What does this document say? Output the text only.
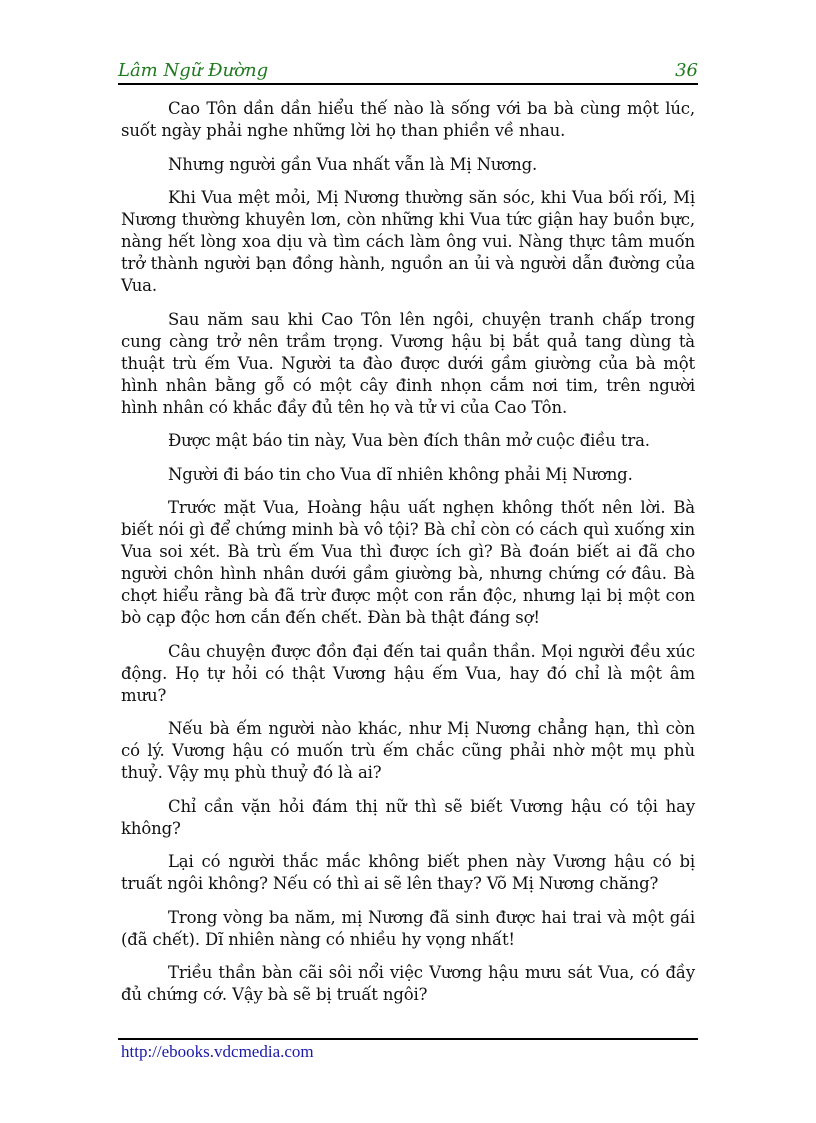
Lâm Ngữ Đường	36

Cao Tôn dần dần hiểu thế nào là sống với ba bà cùng một lúc, suốt ngày phải nghe những lời họ than phiền về nhau.

Nhưng người gần Vua nhất vẫn là Mị Nương.

Khi Vua mệt mỏi, Mị Nương thường săn sóc, khi Vua bối rối, Mị Nương thường khuyên lơn, còn những khi Vua tức giận hay buồn bực, nàng hết lòng xoa dịu và tìm cách làm ông vui. Nàng thực tâm muốn trở thành người bạn đồng hành, nguồn an ủi và người dẫn đường của Vua.

Sau năm sau khi Cao Tôn lên ngôi, chuyện tranh chấp trong cung càng trở nên trầm trọng. Vương hậu bị bắt quả tang dùng tà thuật trù ếm Vua. Người ta đào được dưới gầm giường của bà một hình nhân bằng gỗ có một cây đinh nhọn cắm nơi tim, trên người hình nhân có khắc đầy đủ tên họ và tử vi của Cao Tôn.

Được mật báo tin này, Vua bèn đích thân mở cuộc điều tra.

Người đi báo tin cho Vua dĩ nhiên không phải Mị Nương.

Trước mặt Vua, Hoàng hậu uất nghẹn không thốt nên lời. Bà biết nói gì để chứng minh bà vô tội? Bà chỉ còn có cách quì xuống xin Vua soi xét. Bà trù ếm Vua thì được ích gì? Bà đoán biết ai đã cho người chôn hình nhân dưới gầm giường bà, nhưng chứng cớ đâu. Bà chợt hiểu rằng bà đã trừ được một con rắn độc, nhưng lại bị một con bò cạp độc hơn cắn đến chết. Đàn bà thật đáng sợ!

Câu chuyện được đồn đại đến tai quần thần. Mọi người đều xúc động. Họ tự hỏi có thật Vương hậu ếm Vua, hay đó chỉ là một âm mưu?

Nếu bà ếm người nào khác, như Mị Nương chẳng hạn, thì còn có lý. Vương hậu có muốn trù ếm chắc cũng phải nhờ một mụ phù thuỷ. Vậy mụ phù thuỷ đó là ai?

Chỉ cần vặn hỏi đám thị nữ thì sẽ biết Vương hậu có tội hay không?

Lại có người thắc mắc không biết phen này Vương hậu có bị truất ngôi không? Nếu có thì ai sẽ lên thay? Võ Mị Nương chăng?

Trong vòng ba năm, mị Nương đã sinh được hai trai và một gái (đã chết). Dĩ nhiên nàng có nhiều hy vọng nhất!

Triều thần bàn cãi sôi nổi việc Vương hậu mưu sát Vua, có đầy đủ chứng cớ. Vậy bà sẽ bị truất ngôi?

http://ebooks.vdcmedia.com
